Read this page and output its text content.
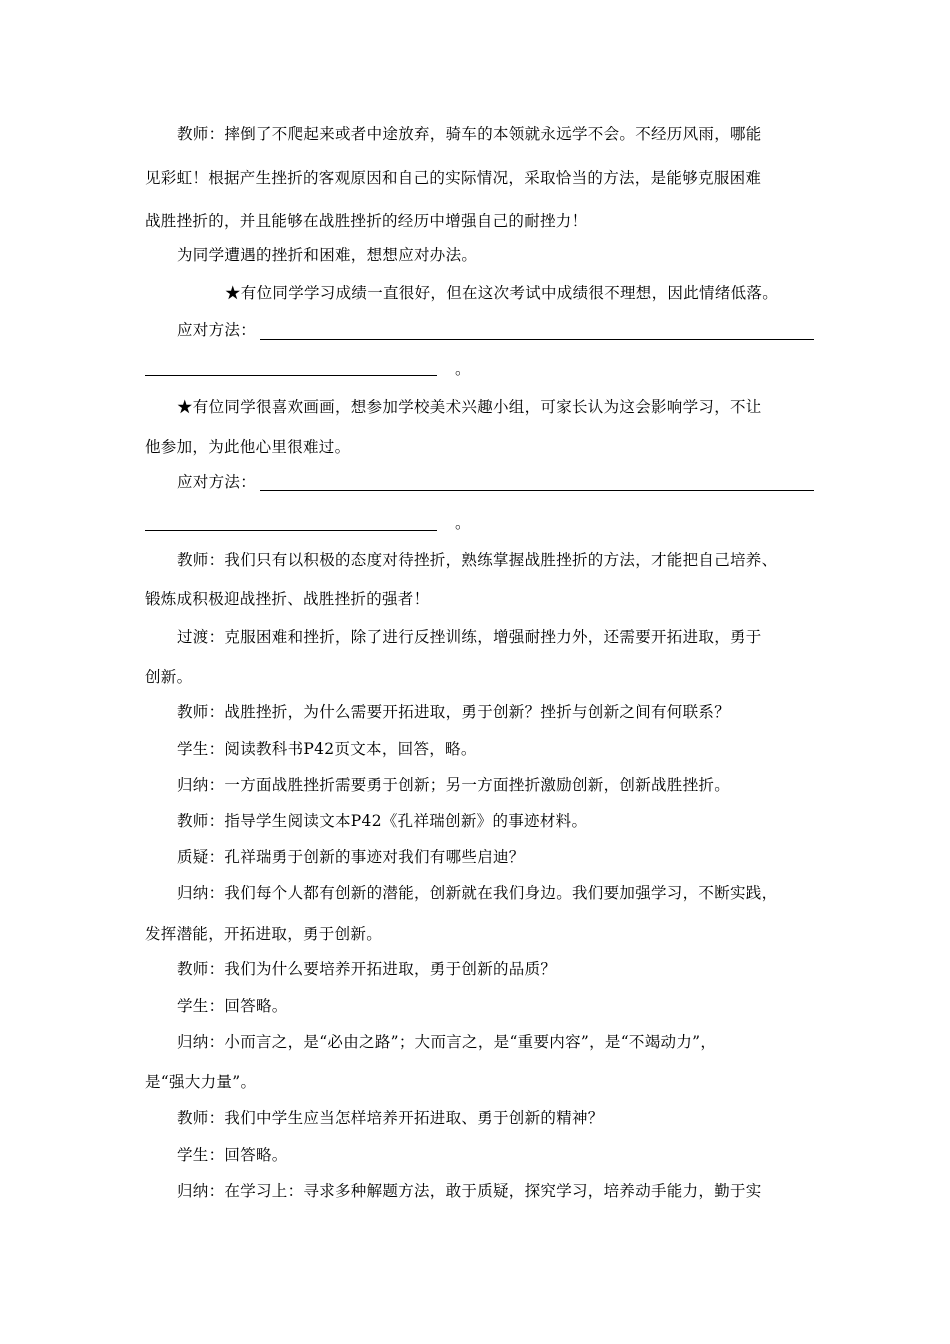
教师：摔倒了不爬起来或者中途放弃，骑车的本领就永远学不会。不经历风雨，哪能
见彩虹！根据产生挫折的客观原因和自己的实际情况，采取恰当的方法，是能够克服困难
战胜挫折的，并且能够在战胜挫折的经历中增强自己的耐挫力！
为同学遭遇的挫折和困难，想想应对办法。
★有位同学学习成绩一直很好，但在这次考试中成绩很不理想，因此情绪低落。
应对方法：
。
★有位同学很喜欢画画，想参加学校美术兴趣小组，可家长认为这会影响学习，不让
他参加，为此他心里很难过。
应对方法：
。
教师：我们只有以积极的态度对待挫折，熟练掌握战胜挫折的方法，才能把自己培养、
锻炼成积极迎战挫折、战胜挫折的强者！
过渡：克服困难和挫折，除了进行反挫训练，增强耐挫力外，还需要开拓进取，勇于
创新。
教师：战胜挫折，为什么需要开拓进取，勇于创新？挫折与创新之间有何联系？
学生：阅读教科书P42页文本，回答，略。
归纳：一方面战胜挫折需要勇于创新；另一方面挫折激励创新，创新战胜挫折。
教师：指导学生阅读文本P42《孔祥瑞创新》的事迹材料。
质疑：孔祥瑞勇于创新的事迹对我们有哪些启迪？
归纳：我们每个人都有创新的潜能，创新就在我们身边。我们要加强学习，不断实践，
发挥潜能，开拓进取，勇于创新。
教师：我们为什么要培养开拓进取，勇于创新的品质？
学生：回答略。
归纳：小而言之，是“必由之路”；大而言之，是“重要内容”，是“不竭动力”，
是“强大力量”。
教师：我们中学生应当怎样培养开拓进取、勇于创新的精神？
学生：回答略。
归纳：在学习上：寻求多种解题方法，敢于质疑，探究学习，培养动手能力，勤于实
